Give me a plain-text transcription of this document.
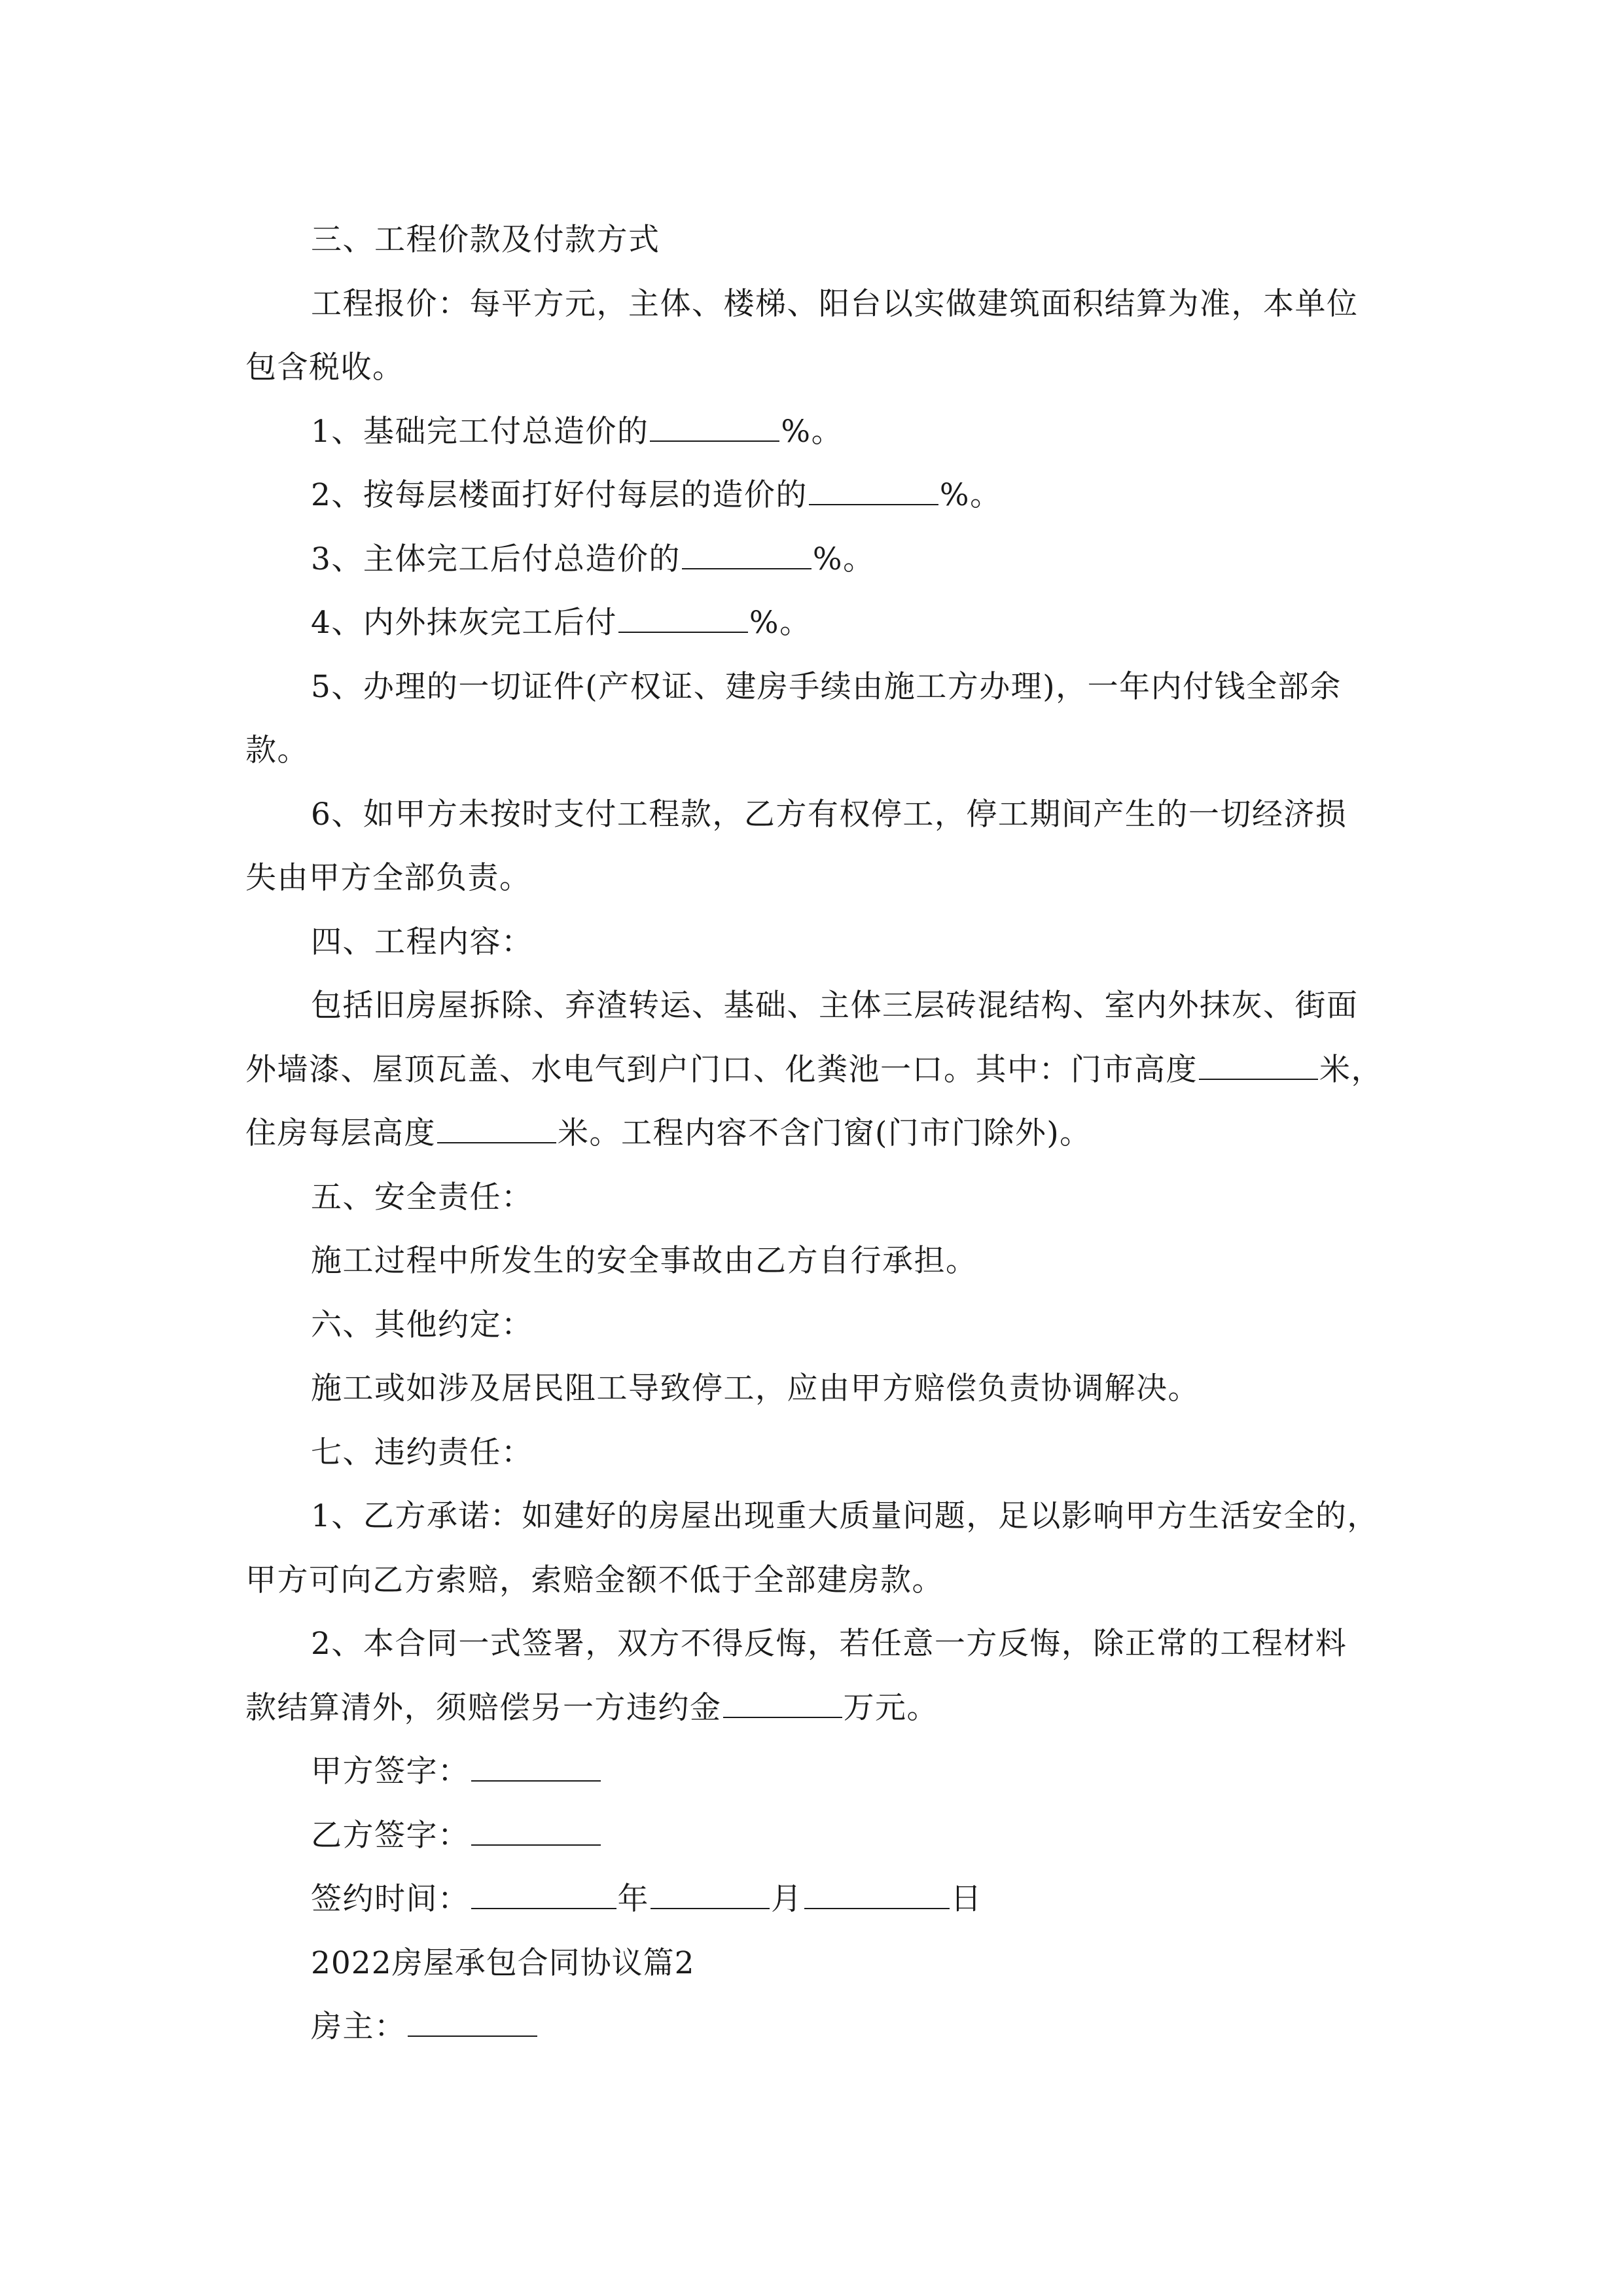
三、工程价款及付款方式
工程报价：每平方元，主体、楼梯、阳台以实做建筑面积结算为准，本单位
包含税收。
1、基础完工付总造价的	%。
2、按每层楼面打好付每层的造价的	%。
3、主体完工后付总造价的	%。
4、内外抹灰完工后付	%。
5、办理的一切证件(产权证、建房手续由施工方办理)，一年内付钱全部余
款。
6、如甲方未按时支付工程款，乙方有权停工，停工期间产生的一切经济损
失由甲方全部负责。
四、工程内容：
包括旧房屋拆除、弃渣转运、基础、主体三层砖混结构、室内外抹灰、街面
外墙漆、屋顶瓦盖、水电气到户门口、化粪池一口。其中：门市高度	米，
住房每层高度	米。工程内容不含门窗(门市门除外)。
五、安全责任：
施工过程中所发生的安全事故由乙方自行承担。
六、其他约定：
施工或如涉及居民阻工导致停工，应由甲方赔偿负责协调解决。
七、违约责任：
1、乙方承诺：如建好的房屋出现重大质量问题，足以影响甲方生活安全的，
甲方可向乙方索赔，索赔金额不低于全部建房款。
2、本合同一式签署，双方不得反悔，若任意一方反悔，除正常的工程材料
款结算清外，须赔偿另一方违约金	万元。
甲方签字：
乙方签字：
签约时间：	年	月	日
2022房屋承包合同协议篇2
房主：
